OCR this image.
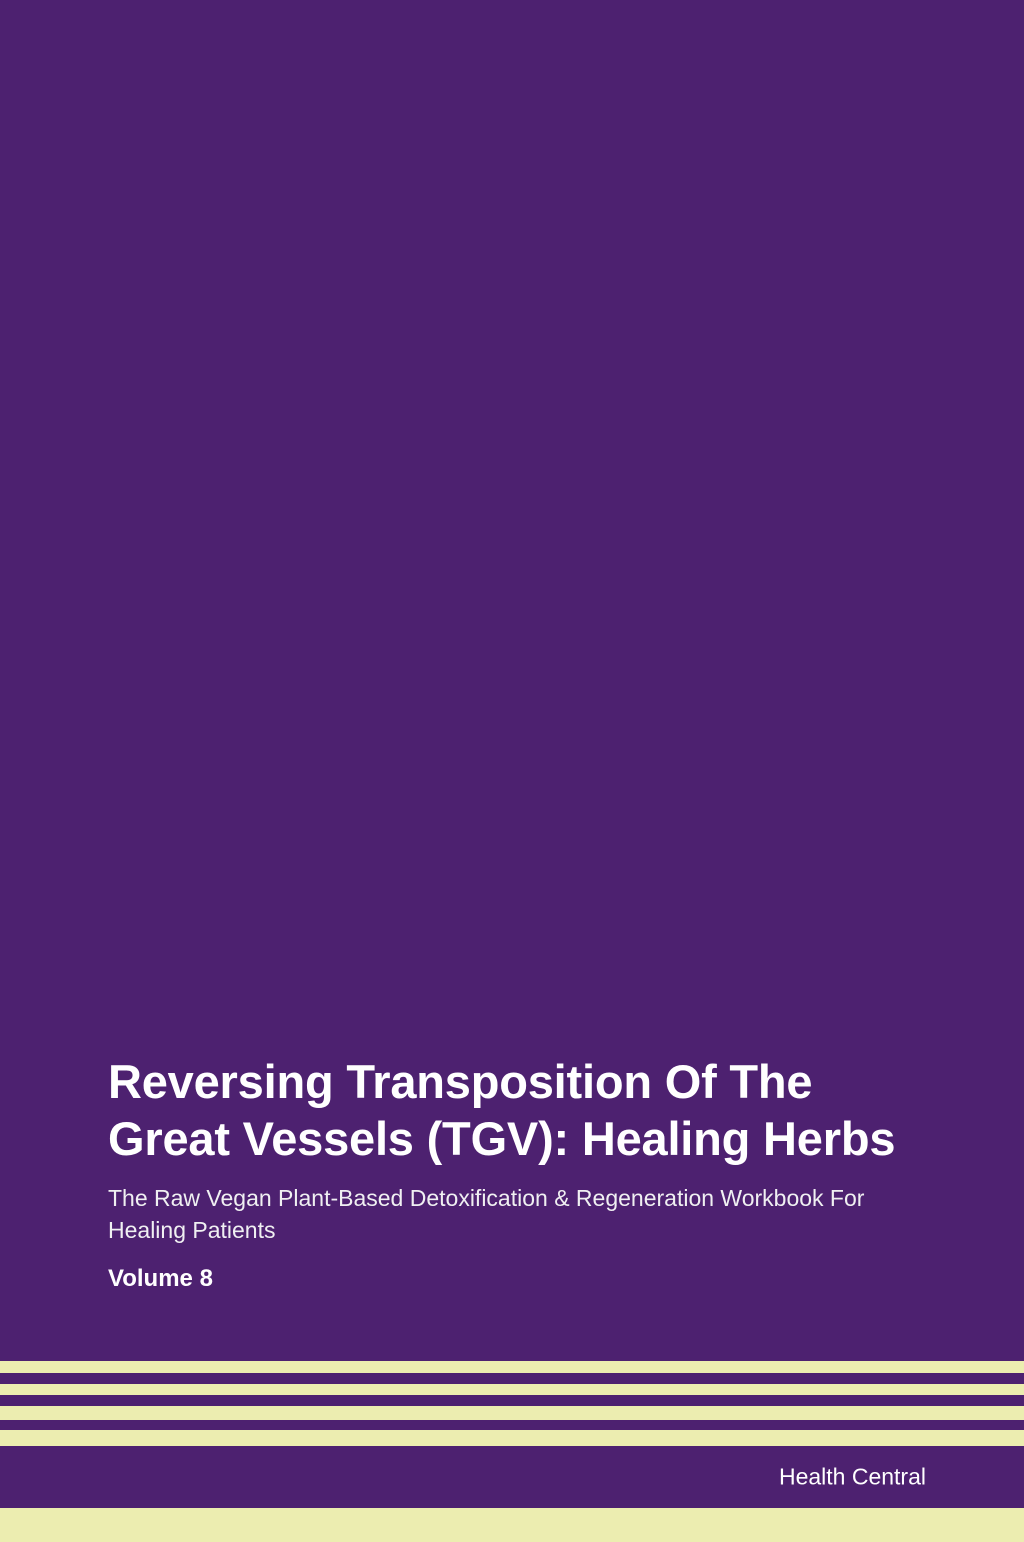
Reversing Transposition Of The Great Vessels (TGV): Healing Herbs

The Raw Vegan Plant-Based Detoxification & Regeneration Workbook For Healing Patients

Volume 8

Health Central
